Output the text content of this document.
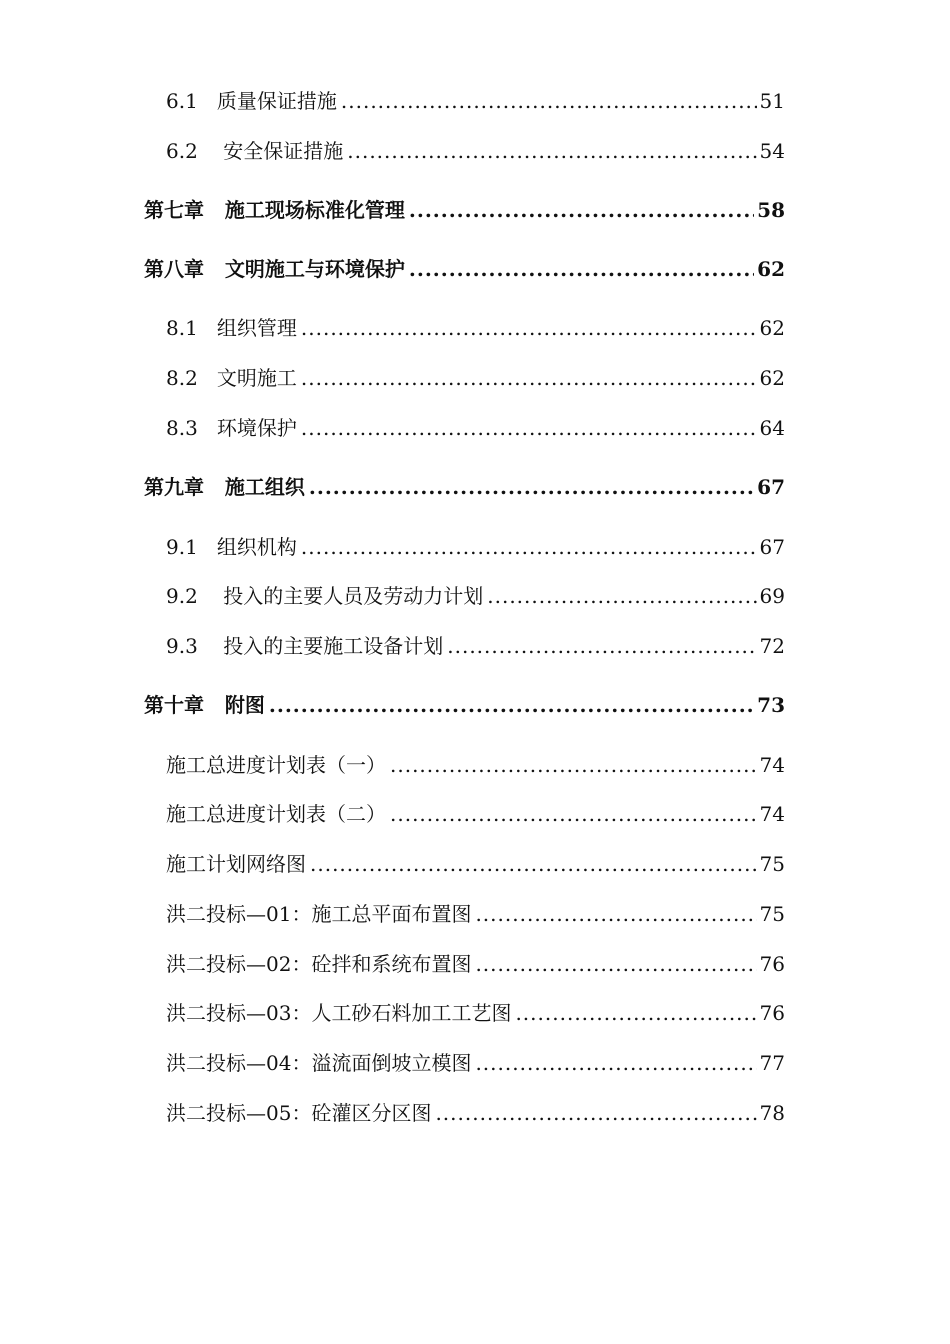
6.1   质量保证措施 .....	51
6.2    安全保证措施 .....	54
第七章   施工现场标准化管理 .....	58
第八章   文明施工与环境保护 .....	62
8.1   组织管理 .....	62
8.2   文明施工 .....	62
8.3   环境保护 .....	64
第九章   施工组织 .....	67
9.1   组织机构 .....	67
9.2    投入的主要人员及劳动力计划 .....	69
9.3    投入的主要施工设备计划 .....	72
第十章   附图 .....	73
施工总进度计划表（一） .....	74
施工总进度计划表（二） .....	74
施工计划网络图 .....	75
洪二投标—01：施工总平面布置图 .....	75
洪二投标—02：砼拌和系统布置图 .....	76
洪二投标—03：人工砂石料加工工艺图 .....	76
洪二投标—04：溢流面倒坡立模图 .....	77
洪二投标—05：砼灌区分区图 .....	78
